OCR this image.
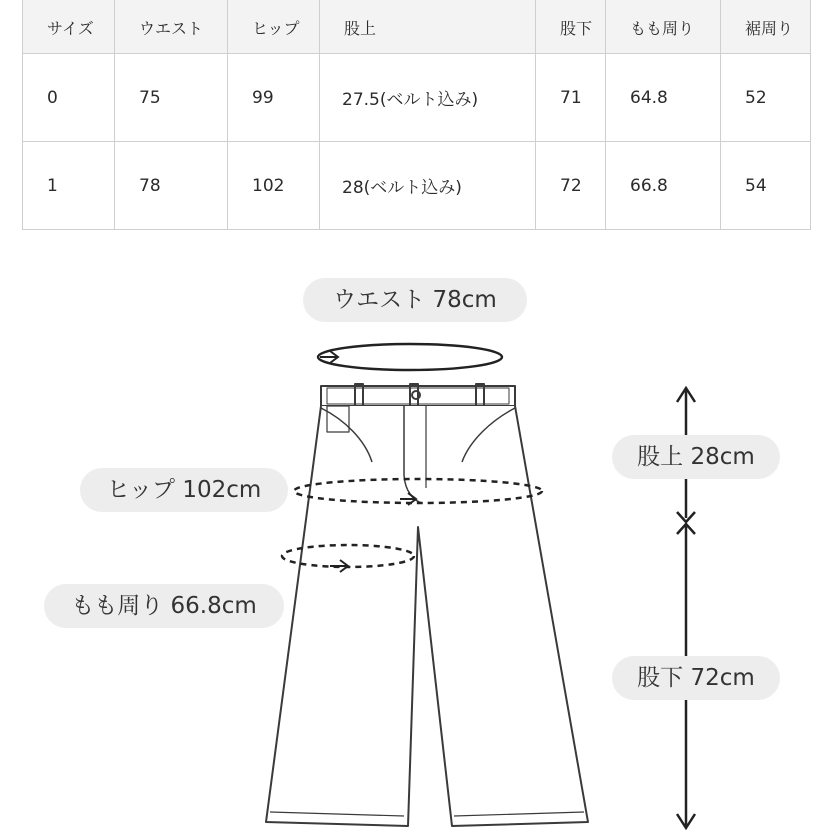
サイズ	ウエスト	ヒップ	股上	股下	もも周り	裾周り
0	75	99	27.5(ベルト込み)	71	64.8	52
1	78	102	28(ベルト込み)	72	66.8	54
ウエスト 78cm
ヒップ 102cm
もも周り 66.8cm
股上 28cm
股下 72cm
